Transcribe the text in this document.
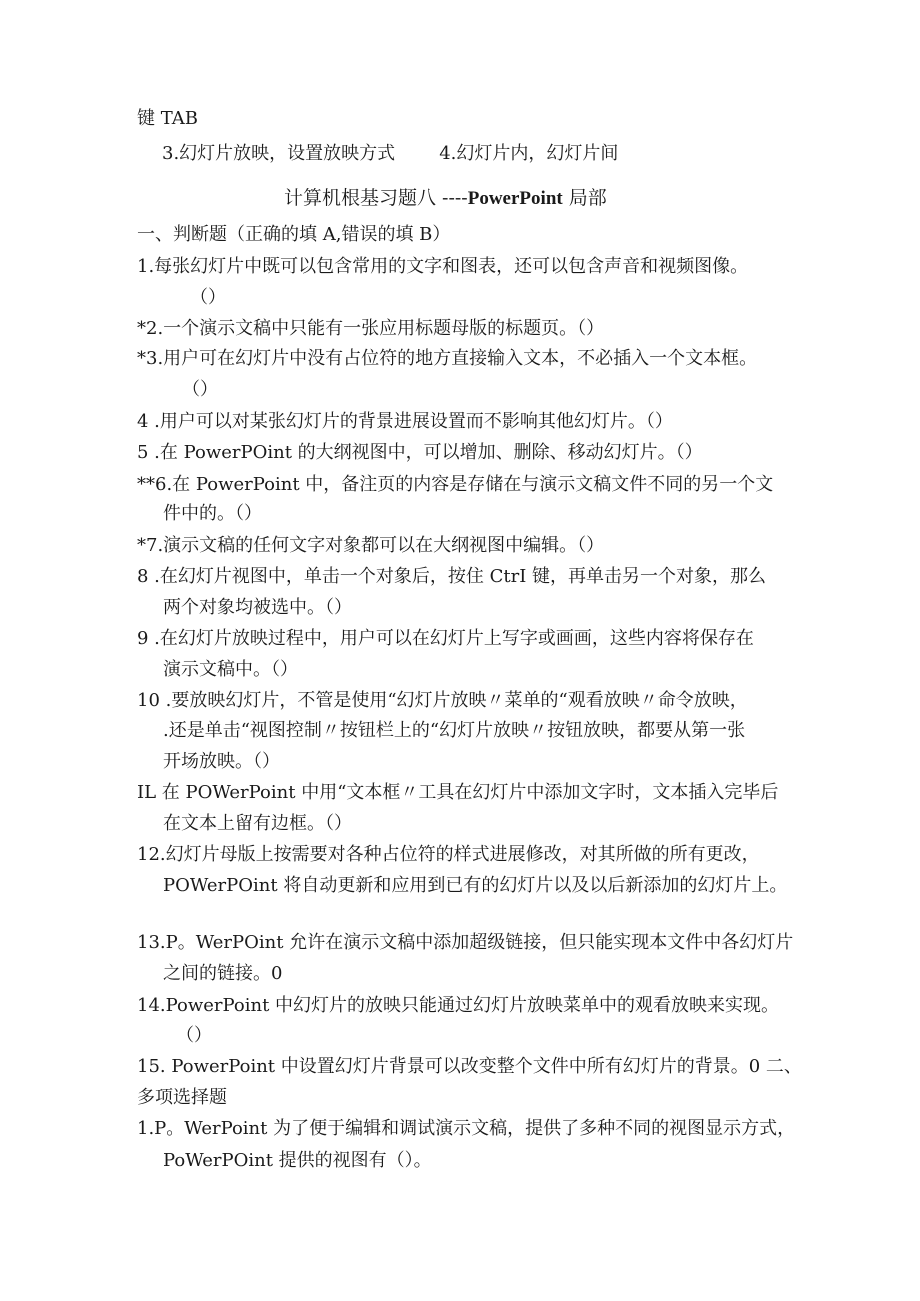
键 TAB
3.幻灯片放映，设置放映方式 4.幻灯片内，幻灯片间
计算机根基习题八 ----PowerPoint 局部
一、判断题（正确的填 A,错误的填 B）
1.每张幻灯片中既可以包含常用的文字和图表，还可以包含声音和视频图像。
（）
*2.一个演示文稿中只能有一张应用标题母版的标题页。（）
*3.用户可在幻灯片中没有占位符的地方直接输入文本，不必插入一个文本框。
（）
4 .用户可以对某张幻灯片的背景进展设置而不影响其他幻灯片。（）
5 .在 PowerPOint 的大纲视图中，可以增加、删除、移动幻灯片。（）
**6.在 PowerPoint 中，备注页的内容是存储在与演示文稿文件不同的另一个文
件中的。（）
*7.演示文稿的任何文字对象都可以在大纲视图中编辑。（）
8 .在幻灯片视图中，单击一个对象后，按住 CtrI 键，再单击另一个对象，那么
两个对象均被选中。（）
9 .在幻灯片放映过程中，用户可以在幻灯片上写字或画画，这些内容将保存在
演示文稿中。（）
10 .要放映幻灯片，不管是使用“幻灯片放映〃菜单的“观看放映〃命令放映，
.还是单击“视图控制〃按钮栏上的“幻灯片放映〃按钮放映，都要从第一张
开场放映。（）
IL 在 POWerPoint 中用“文本框〃工具在幻灯片中添加文字时，文本插入完毕后
在文本上留有边框。（）
12.幻灯片母版上按需要对各种占位符的样式进展修改，对其所做的所有更改，
POWerPOint 将自动更新和应用到已有的幻灯片以及以后新添加的幻灯片上。
13.P。WerPOint 允许在演示文稿中添加超级链接，但只能实现本文件中各幻灯片
之间的链接。0
14.PowerPoint 中幻灯片的放映只能通过幻灯片放映菜单中的观看放映来实现。
（）
15. PowerPoint 中设置幻灯片背景可以改变整个文件中所有幻灯片的背景。0 二、
多项选择题
1.P。WerPoint 为了便于编辑和调试演示文稿，提供了多种不同的视图显示方式，
PoWerPOint 提供的视图有（）。
